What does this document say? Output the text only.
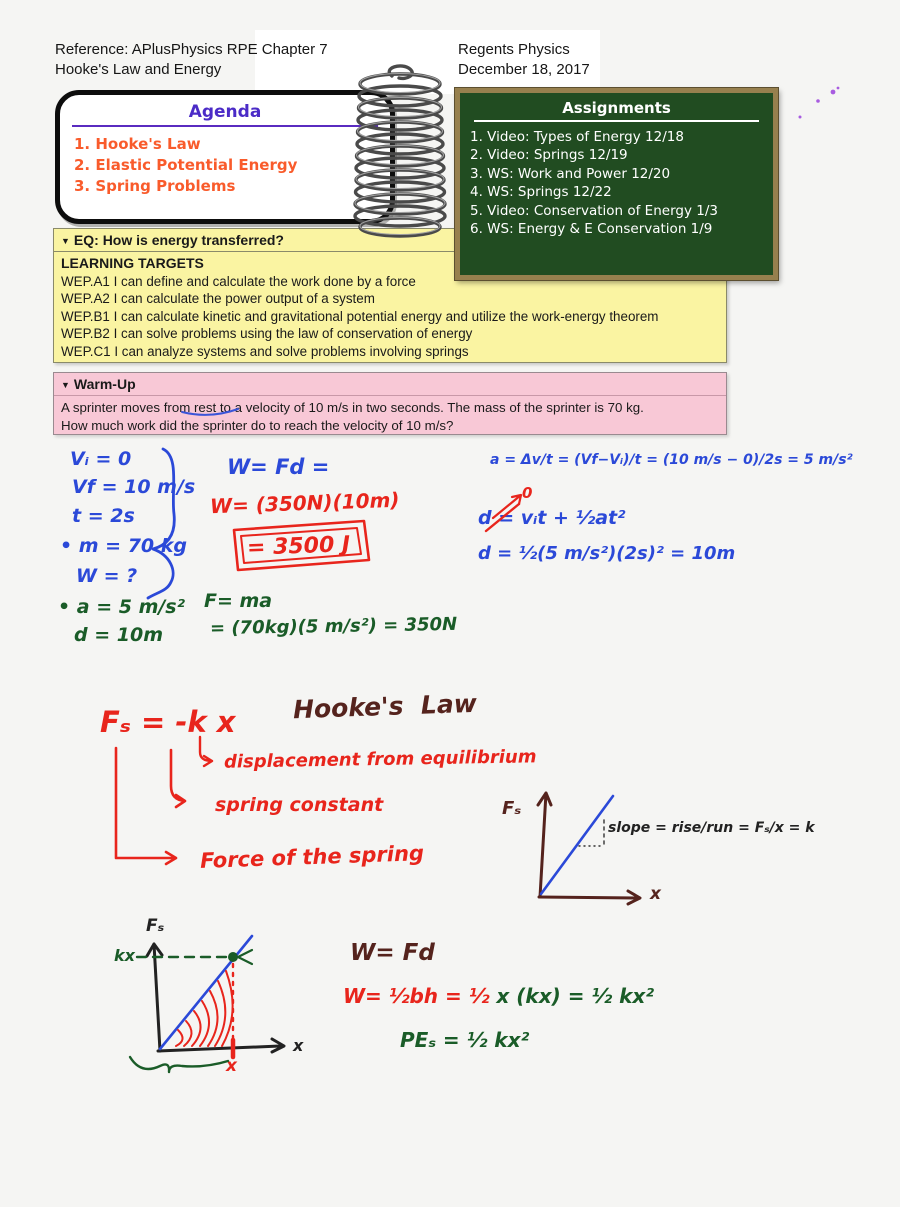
Reference: APlusPhysics RPE Chapter 7
Hooke's Law and Energy
Regents Physics
December 18, 2017
Agenda
1. Hooke's Law
2. Elastic Potential Energy
3. Spring Problems
▼ EQ: How is energy transferred?
LEARNING TARGETS
WEP.A1 I can define and calculate the work done by a force
WEP.A2 I can calculate the power output of a system
WEP.B1 I can calculate kinetic and gravitational potential energy and utilize the work-energy theorem
WEP.B2 I can solve problems using the law of conservation of energy
WEP.C1 I can analyze systems and solve problems involving springs
Assignments
1. Video: Types of Energy 12/18
2. Video: Springs 12/19
3. WS: Work and Power 12/20
4. WS: Springs 12/22
5. Video: Conservation of Energy 1/3
6. WS: Energy & E Conservation 1/9
▼ Warm-Up
A sprinter moves from rest to a velocity of 10 m/s in two seconds. The mass of the sprinter is 70 kg.
How much work did the sprinter do to reach the velocity of 10 m/s?
Vᵢ = 0
Vf = 10 m/s
t = 2s
• m = 70 kg
W = ?
• a = 5 m/s²
d = 10m
W= Fd =
W= (350N)(10m)
= 3500 J
F= ma
= (70kg)(5 m/s²) = 350N
a = Δv/t = (Vf−Vᵢ)/t = (10 m/s − 0)/2s = 5 m/s²
d = vᵢt + ½at²
0
d = ½(5 m/s²)(2s)² = 10m
Hooke's  Law
Fₛ = -k x
displacement from equilibrium
spring constant
Force of the spring
Fₛ
x
slope = rise/run = Fₛ/x = k
Fₛ
kx
x
x
W= Fd
W= ½bh = ½ x (kx) = ½ kx²
PEₛ = ½ kx²
